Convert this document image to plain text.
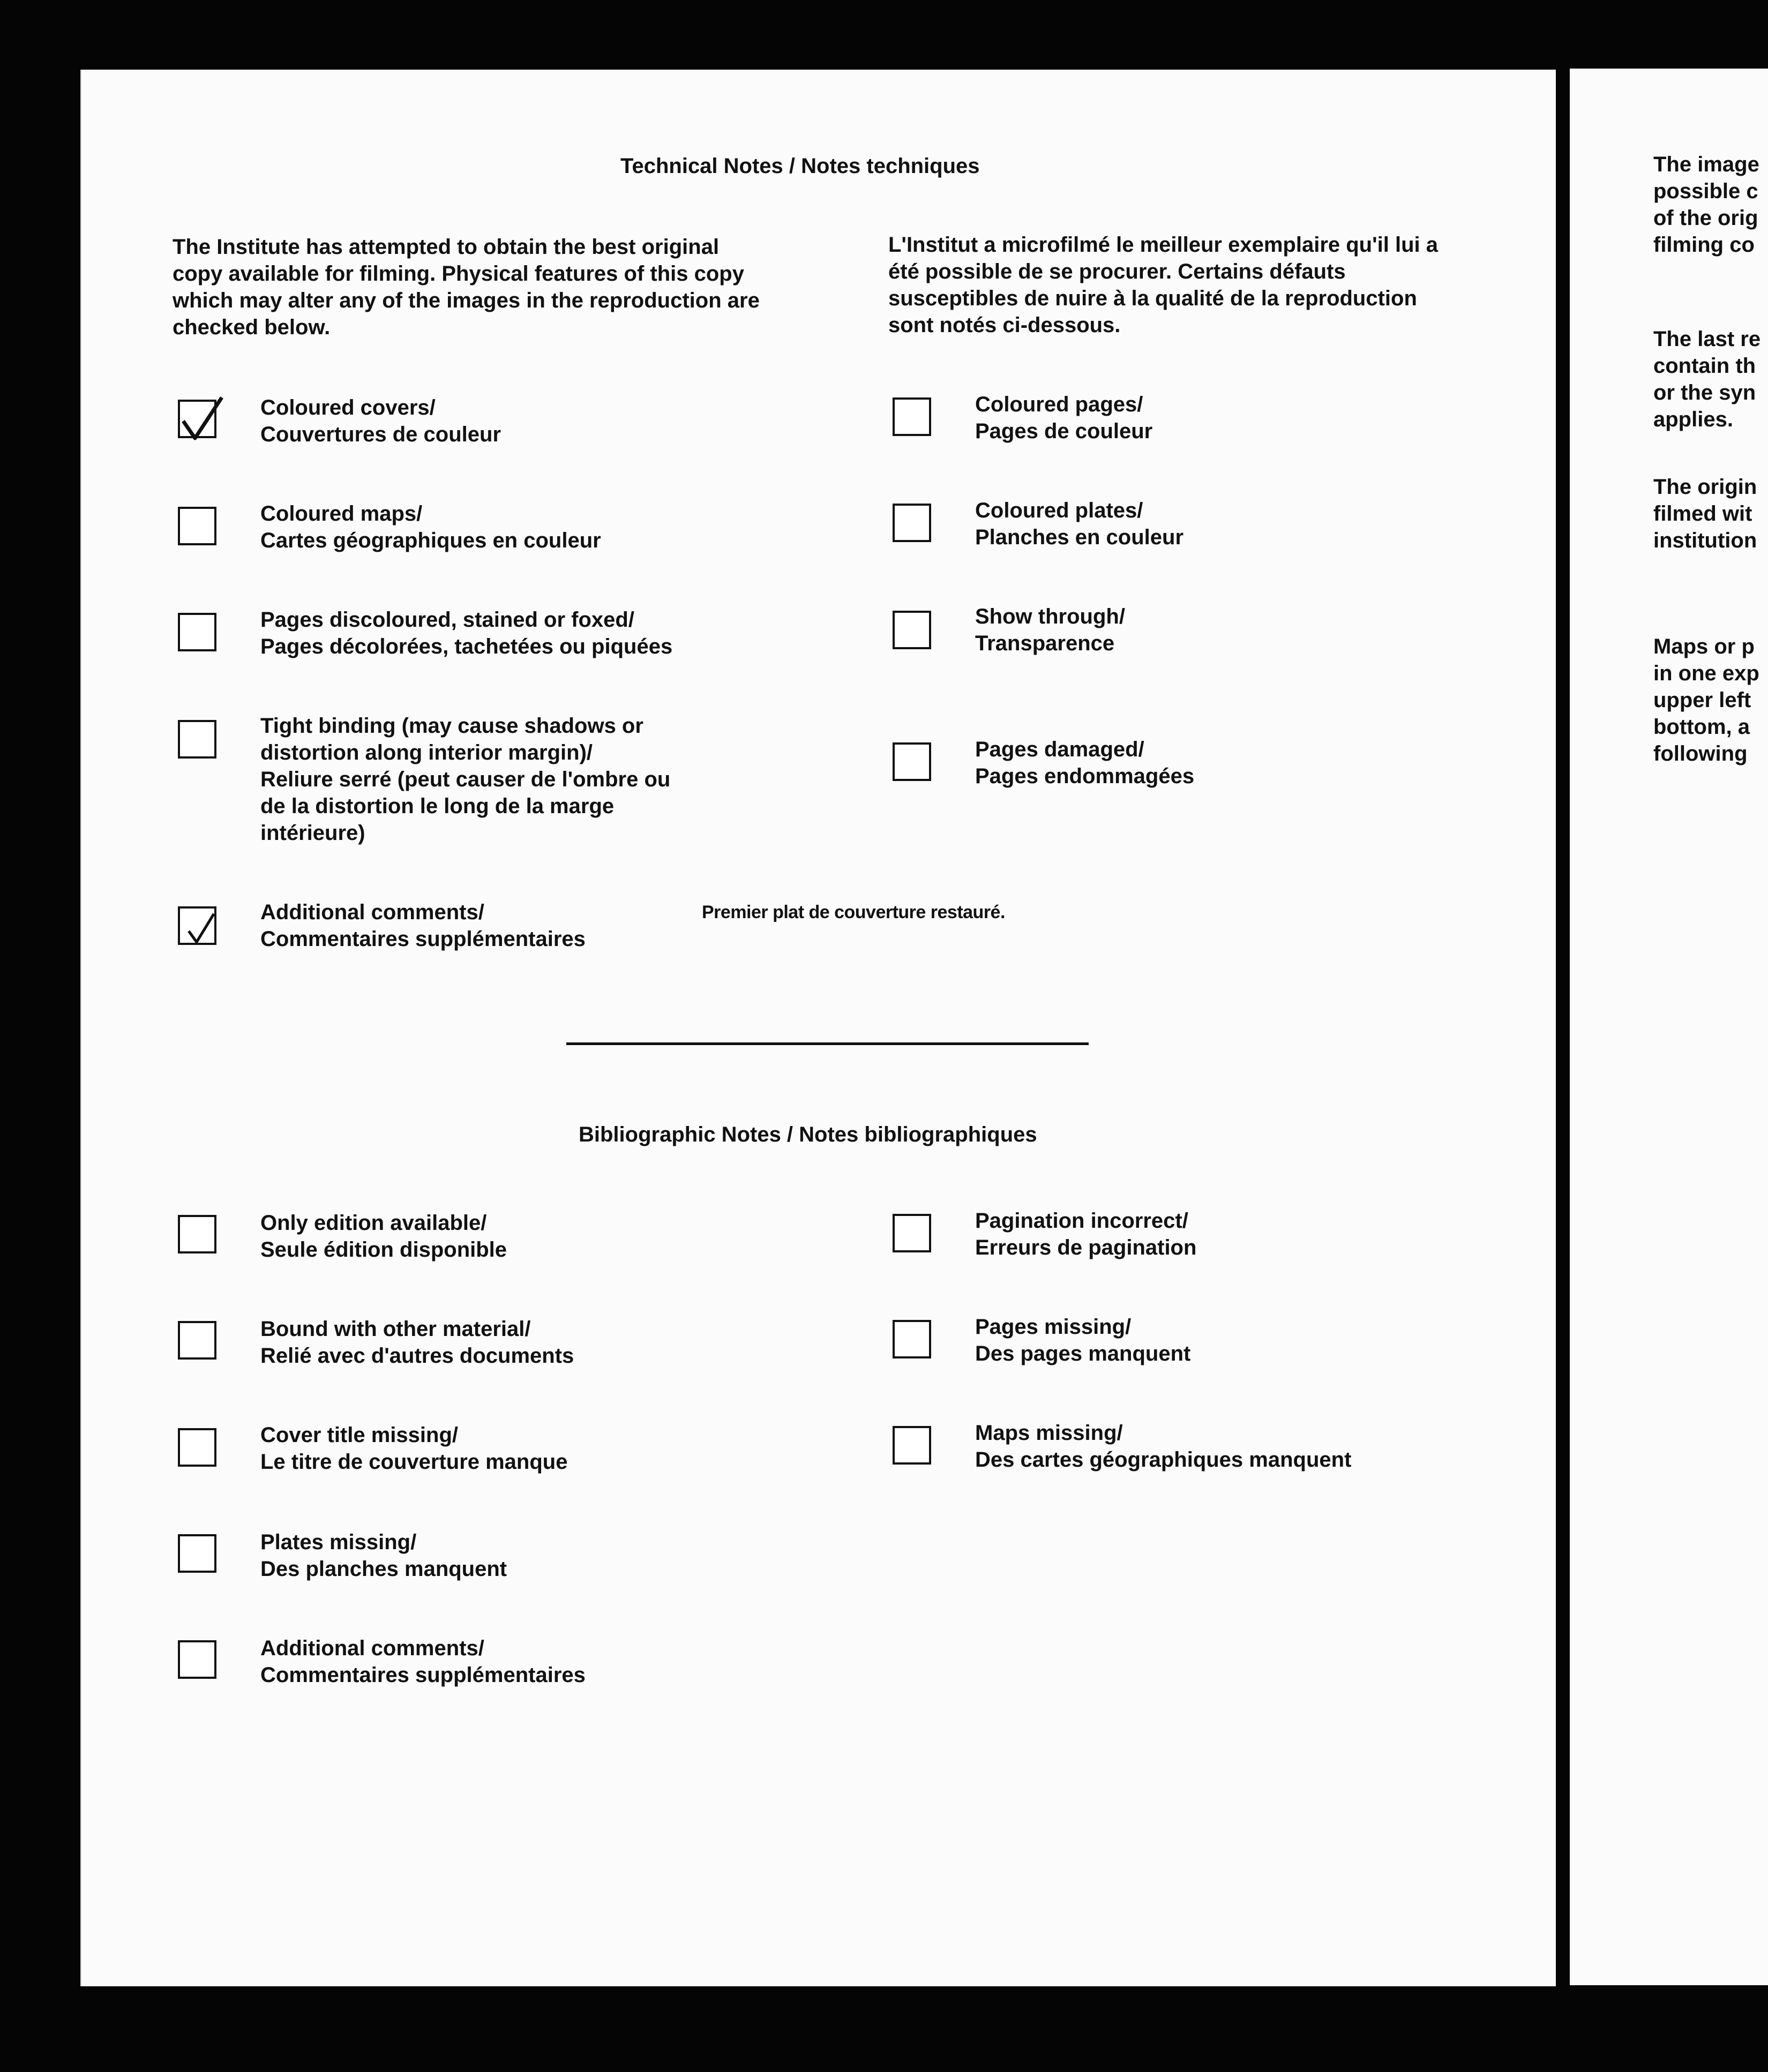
Technical Notes / Notes techniques
The Institute has attempted to obtain the best original copy available for filming. Physical features of this copy which may alter any of the images in the reproduction are checked below.
L'Institut a microfilmé le meilleur exemplaire qu'il lui a été possible de se procurer. Certains défauts susceptibles de nuire à la qualité de la reproduction sont notés ci-dessous.
Coloured covers/
Couvertures de couleur
Coloured maps/
Cartes géographiques en couleur
Pages discoloured, stained or foxed/
Pages décolorées, tachetées ou piquées
Tight binding (may cause shadows or
distortion along interior margin)/
Reliure serré (peut causer de l'ombre ou
de la distortion le long de la marge
intérieure)
Additional comments/
Commentaires supplémentaires
Premier plat de couverture restauré.
Coloured pages/
Pages de couleur
Coloured plates/
Planches en couleur
Show through/
Transparence
Pages damaged/
Pages endommagées
Bibliographic Notes / Notes bibliographiques
Only edition available/
Seule édition disponible
Bound with other material/
Relié avec d'autres documents
Cover title missing/
Le titre de couverture manque
Plates missing/
Des planches manquent
Additional comments/
Commentaires supplémentaires
Pagination incorrect/
Erreurs de pagination
Pages missing/
Des pages manquent
Maps missing/
Des cartes géographiques manquent
The image
possible c
of the orig
filming co
The last re
contain th
or the syn
applies.
The origin
filmed wit
institution
Maps or p
in one exp
upper left
bottom, a
following
